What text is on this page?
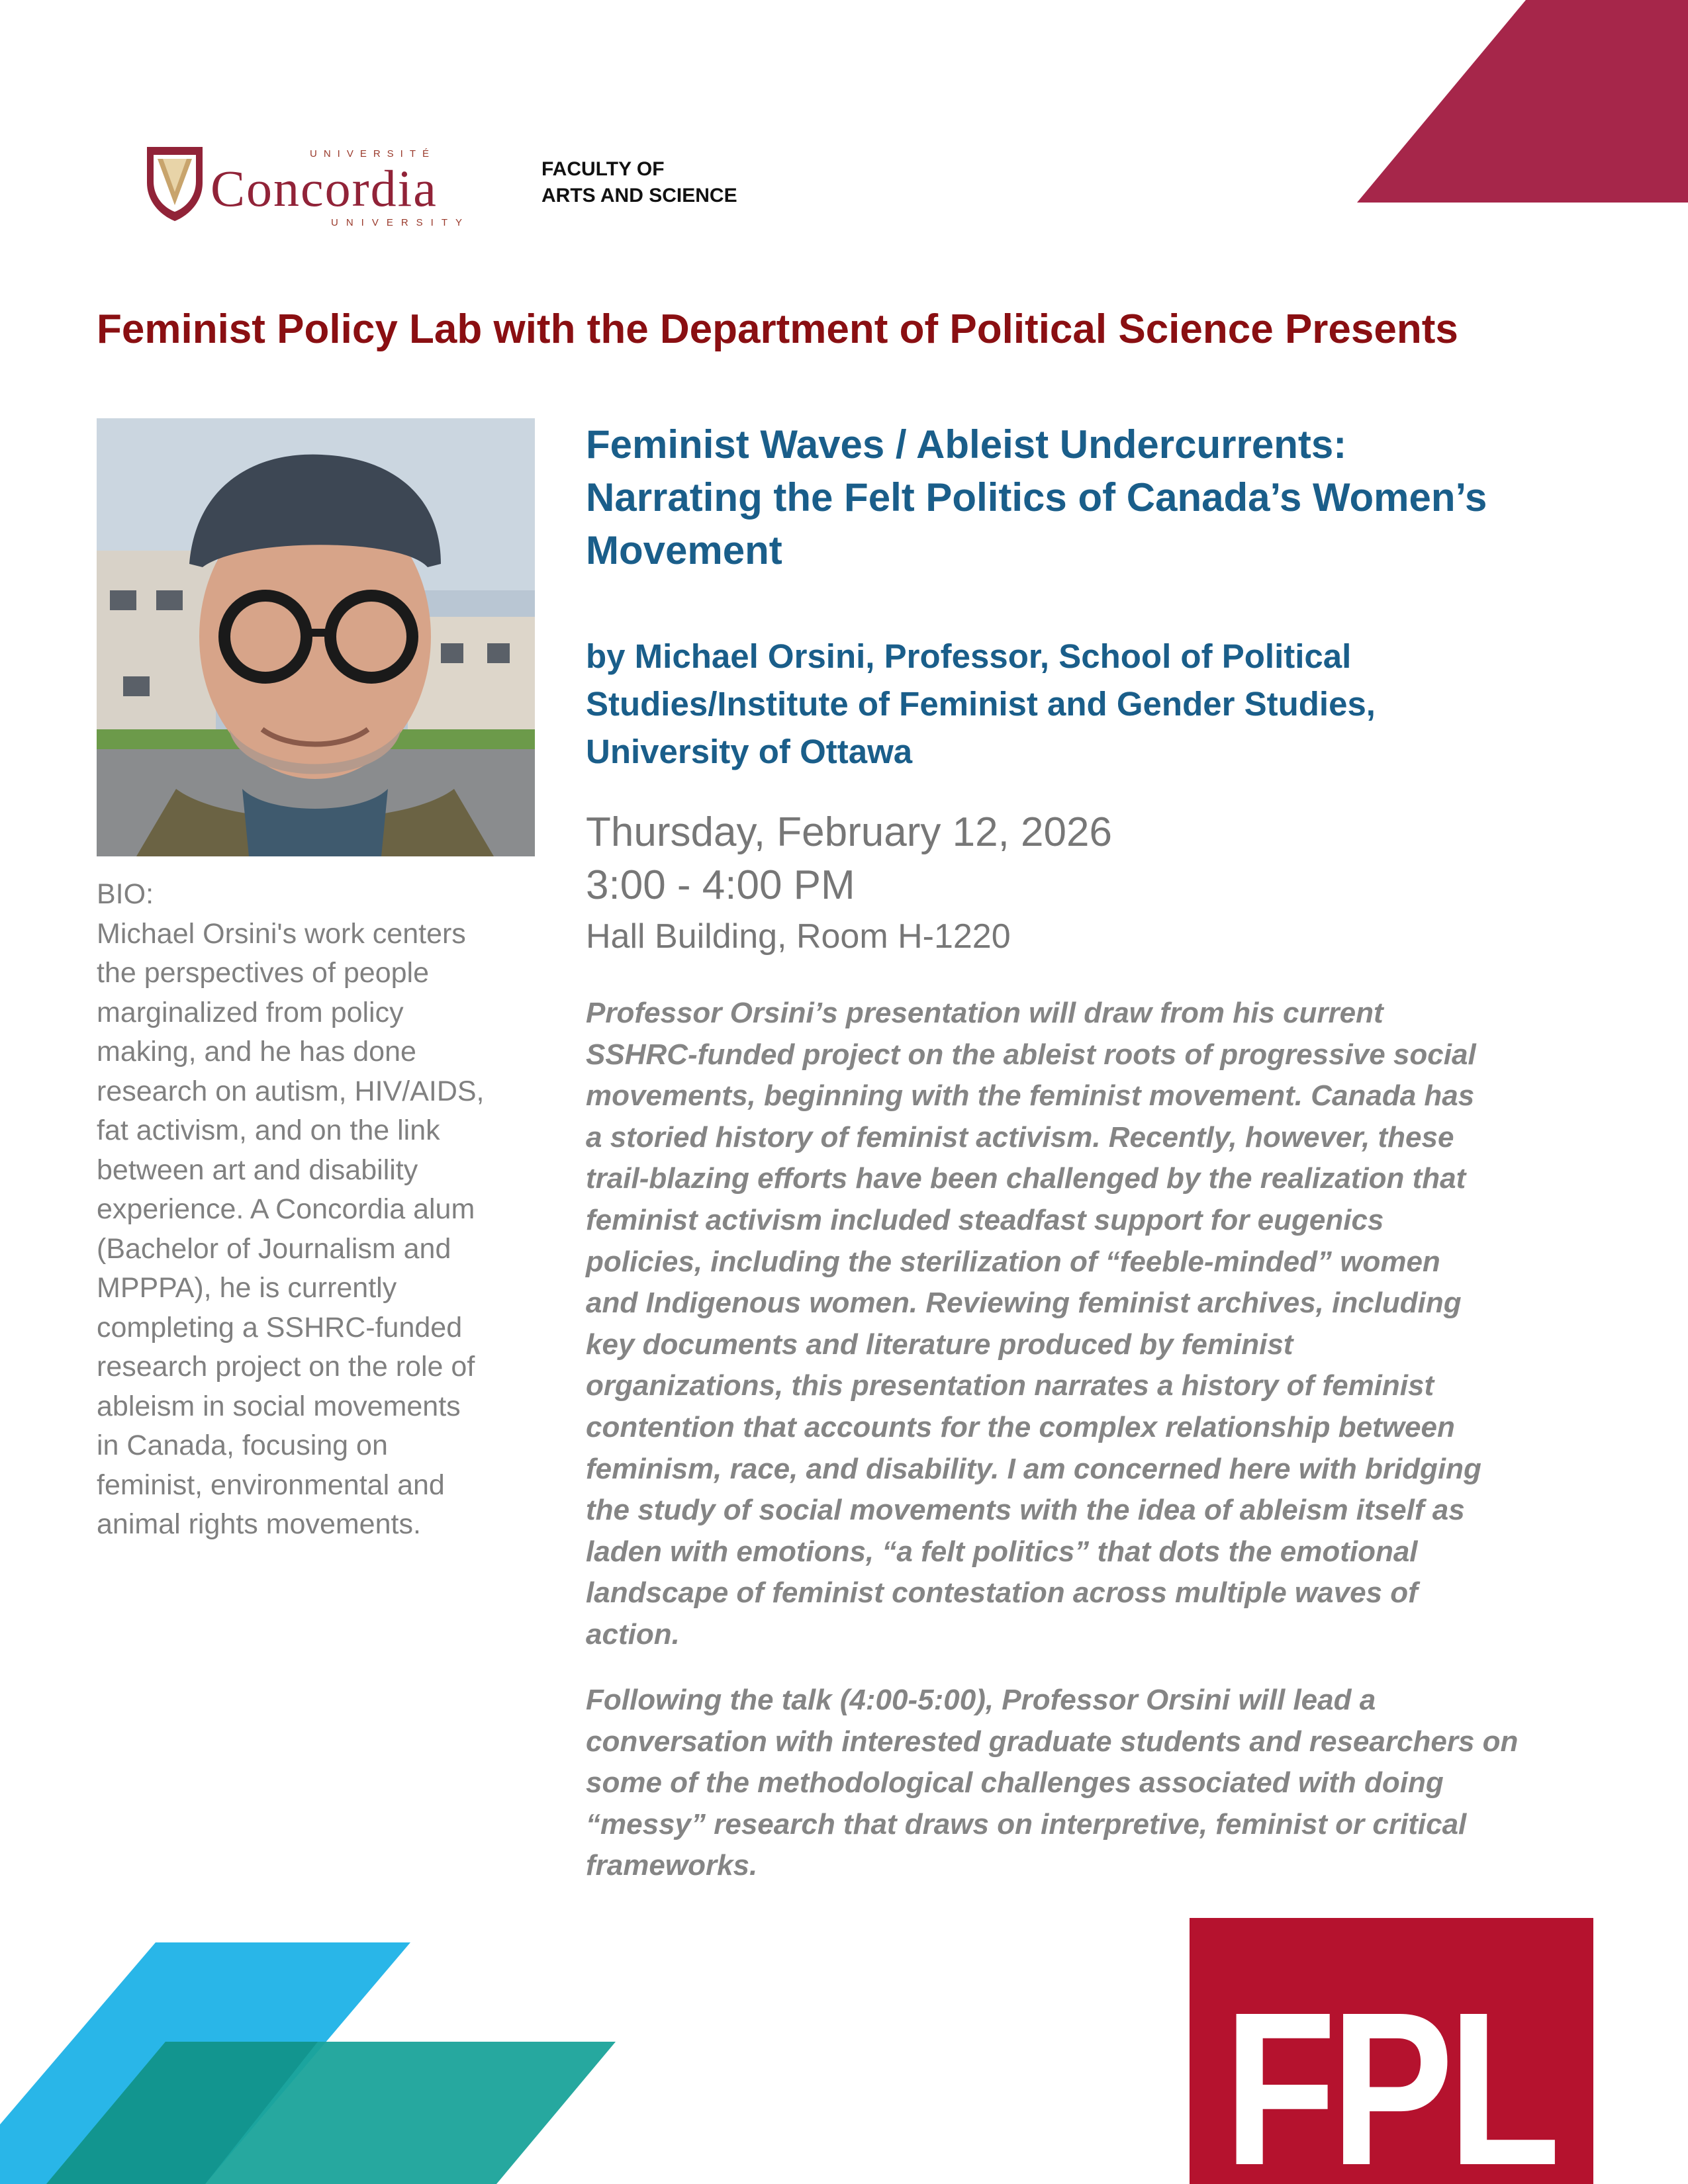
UNIVERSITÉ
Concordia
UNIVERSITY
FACULTY OF
ARTS AND SCIENCE
Feminist Policy Lab with the Department of Political Science Presents
BIO:
Michael Orsini's work centers
the perspectives of people
marginalized from policy
making, and he has done
research on autism, HIV/AIDS,
fat activism, and on the link
between art and disability
experience. A Concordia alum
(Bachelor of Journalism and
MPPPA), he is currently
completing a SSHRC-funded
research project on the role of
ableism in social movements
in Canada, focusing on
feminist, environmental and
animal rights movements.
Feminist Waves / Ableist Undercurrents:
Narrating the Felt Politics of Canada’s Women’s
Movement
by Michael Orsini, Professor, School of Political
Studies/Institute of Feminist and Gender Studies,
University of Ottawa
Thursday, February 12, 2026
3:00 - 4:00 PM
Hall Building, Room H-1220
Professor Orsini’s presentation will draw from his current
SSHRC-funded project on the ableist roots of progressive social
movements, beginning with the feminist movement. Canada has
a storied history of feminist activism. Recently, however, these
trail-blazing efforts have been challenged by the realization that
feminist activism included steadfast support for eugenics
policies, including the sterilization of “feeble-minded” women
and Indigenous women. Reviewing feminist archives, including
key documents and literature produced by feminist
organizations, this presentation narrates a history of feminist
contention that accounts for the complex relationship between
feminism, race, and disability. I am concerned here with bridging
the study of social movements with the idea of ableism itself as
laden with emotions, “a felt politics” that dots the emotional
landscape of feminist contestation across multiple waves of
action.
Following the talk (4:00-5:00), Professor Orsini will lead a
conversation with interested graduate students and researchers on
some of the methodological challenges associated with doing
“messy” research that draws on interpretive, feminist or critical
frameworks.
FPL
